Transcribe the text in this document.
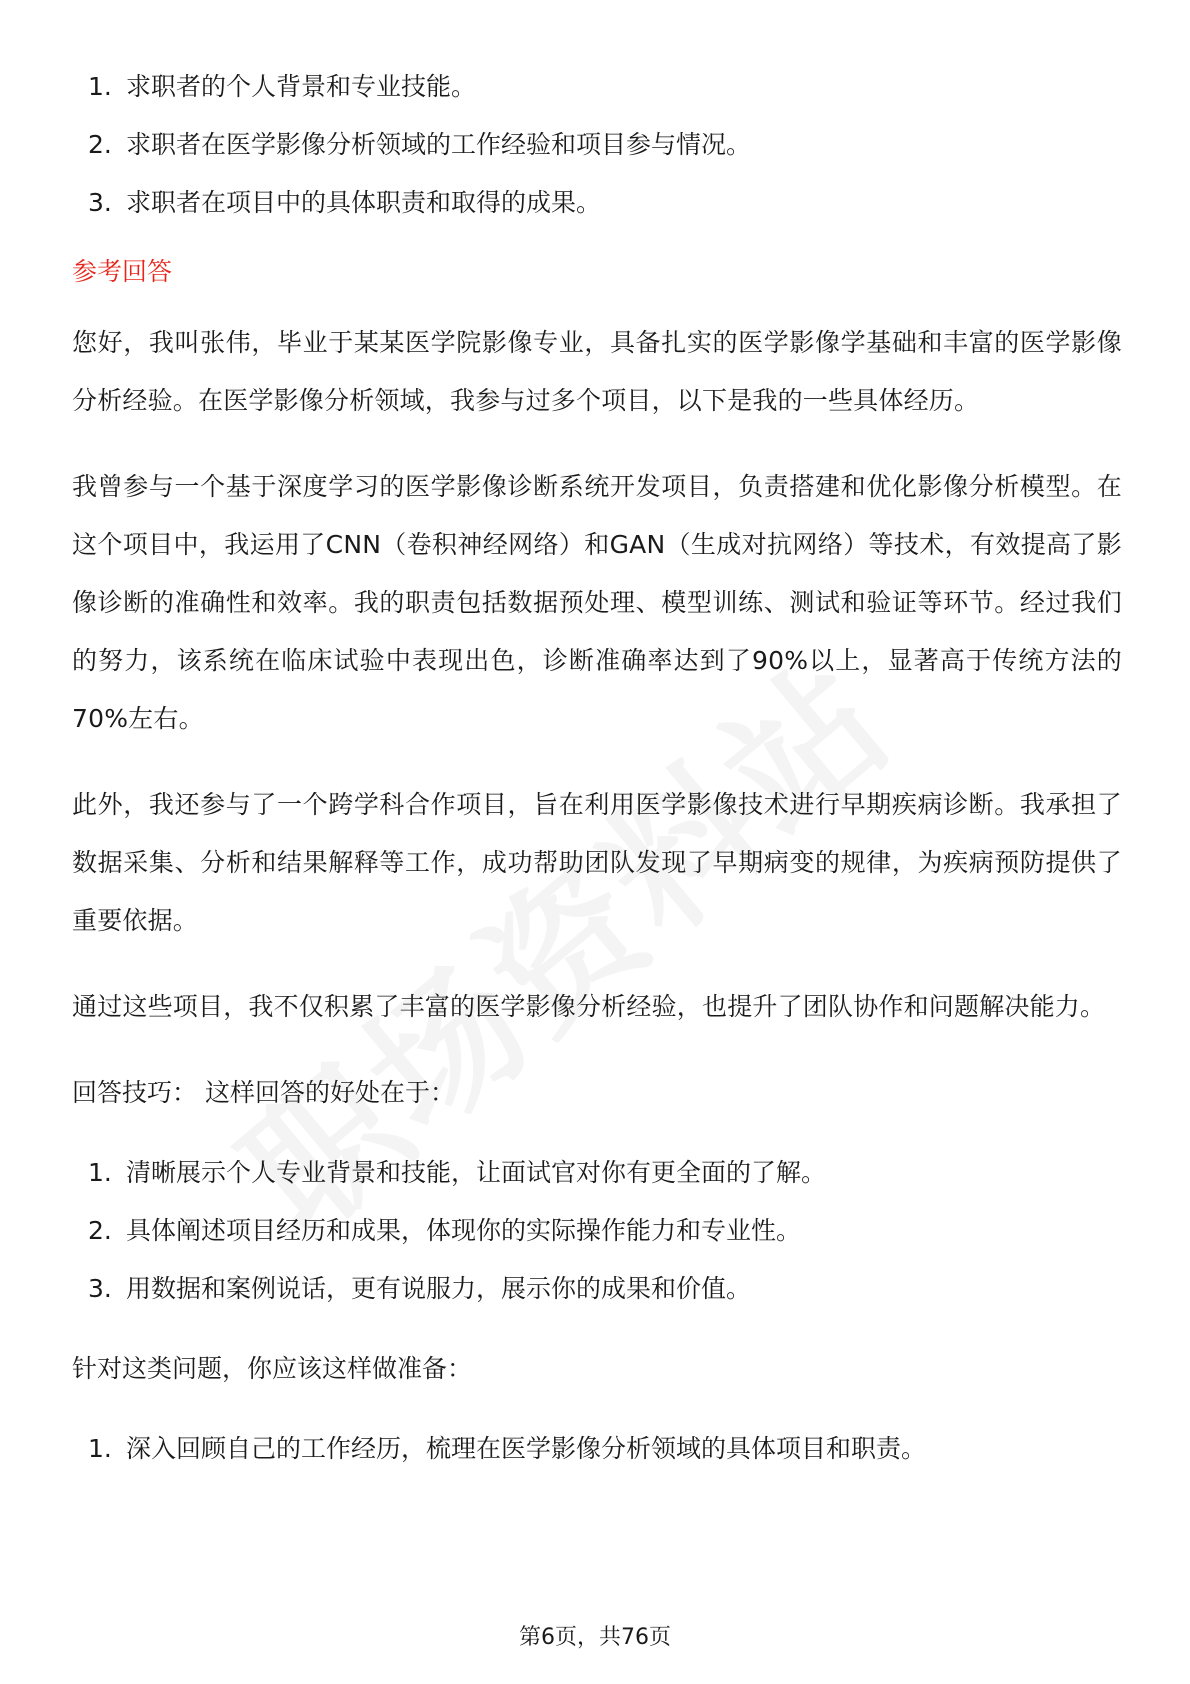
1. 求职者的个人背景和专业技能。
2. 求职者在医学影像分析领域的工作经验和项目参与情况。
3. 求职者在项目中的具体职责和取得的成果。
参考回答

您好，我叫张伟，毕业于某某医学院影像专业，具备扎实的医学影像学基础和丰富的医学影像分析经验。在医学影像分析领域，我参与过多个项目，以下是我的一些具体经历。

我曾参与一个基于深度学习的医学影像诊断系统开发项目，负责搭建和优化影像分析模型。在这个项目中，我运用了CNN（卷积神经网络）和GAN（生成对抗网络）等技术，有效提高了影像诊断的准确性和效率。我的职责包括数据预处理、模型训练、测试和验证等环节。经过我们的努力，该系统在临床试验中表现出色，诊断准确率达到了90%以上，显著高于传统方法的70%左右。

此外，我还参与了一个跨学科合作项目，旨在利用医学影像技术进行早期疾病诊断。我承担了数据采集、分析和结果解释等工作，成功帮助团队发现了早期病变的规律，为疾病预防提供了重要依据。

通过这些项目，我不仅积累了丰富的医学影像分析经验，也提升了团队协作和问题解决能力。

回答技巧： 这样回答的好处在于：

1. 清晰展示个人专业背景和技能，让面试官对你有更全面的了解。
2. 具体阐述项目经历和成果，体现你的实际操作能力和专业性。
3. 用数据和案例说话，更有说服力，展示你的成果和价值。

针对这类问题，你应该这样做准备：

1. 深入回顾自己的工作经历，梳理在医学影像分析领域的具体项目和职责。
第6页，共76页
